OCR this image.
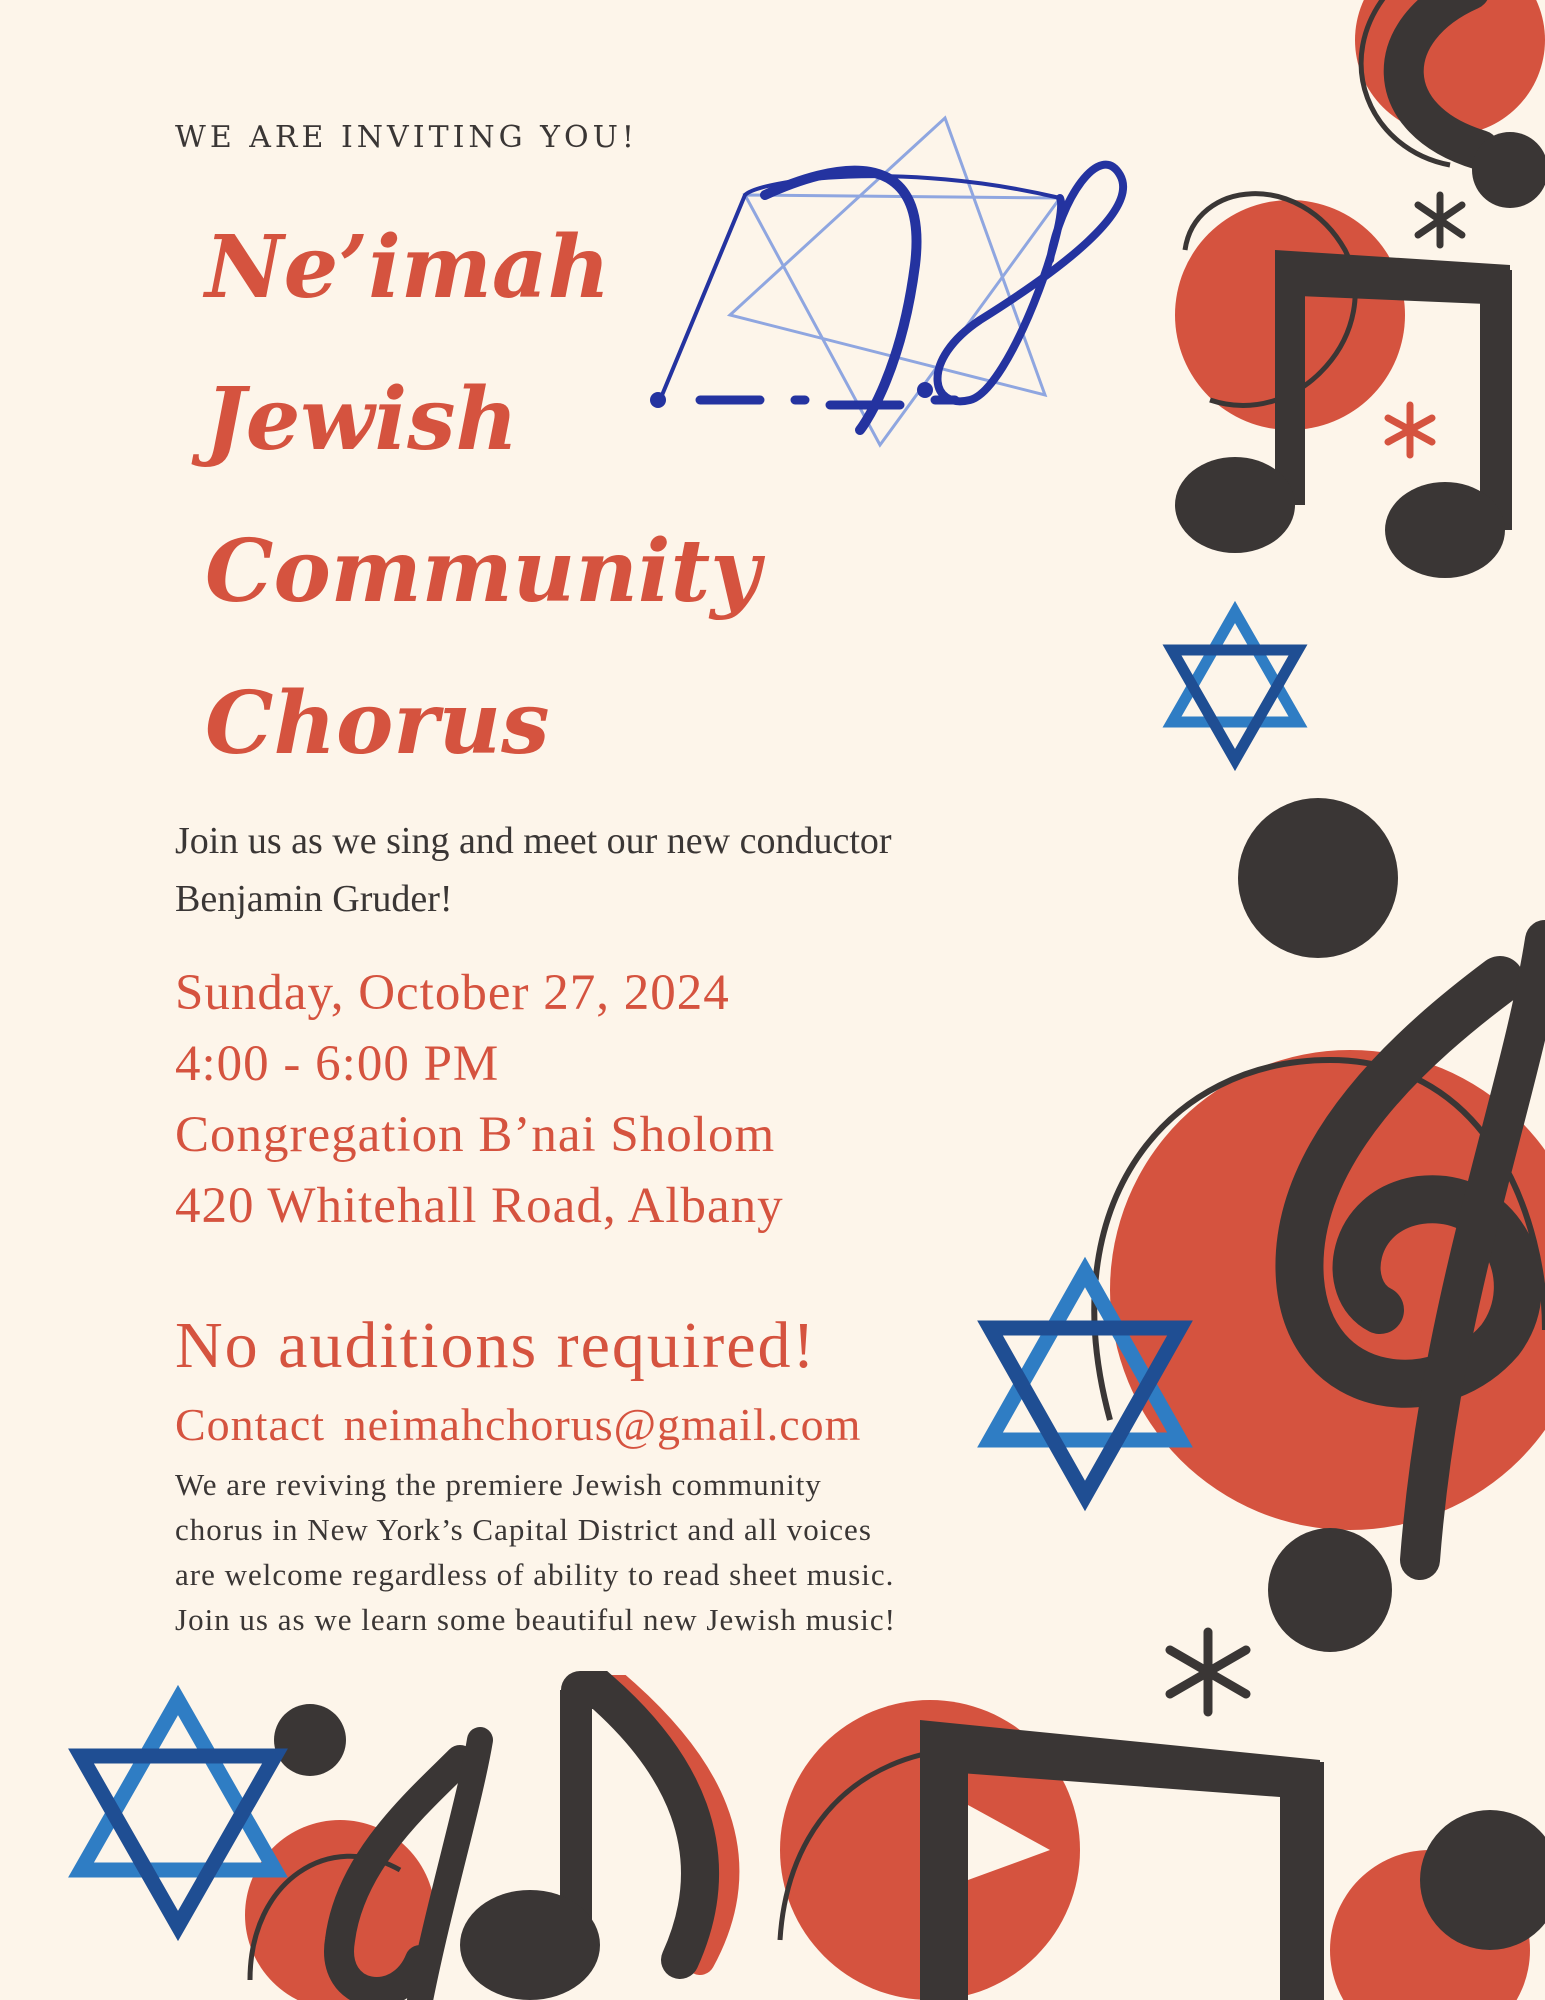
WE ARE INVITING YOU!
Ne’imah
Jewish
Community
Chorus
Join us as we sing and meet our new conductor
Benjamin Gruder!
Sunday, October 27, 2024
4:00 - 6:00 PM
Congregation B’nai Sholom
420 Whitehall Road, Albany
No auditions required!
Contact neimahchorus@gmail.com
We are reviving the premiere Jewish community
chorus in New York’s Capital District and all voices
are welcome regardless of ability to read sheet music.
Join us as we learn some beautiful new Jewish music!
